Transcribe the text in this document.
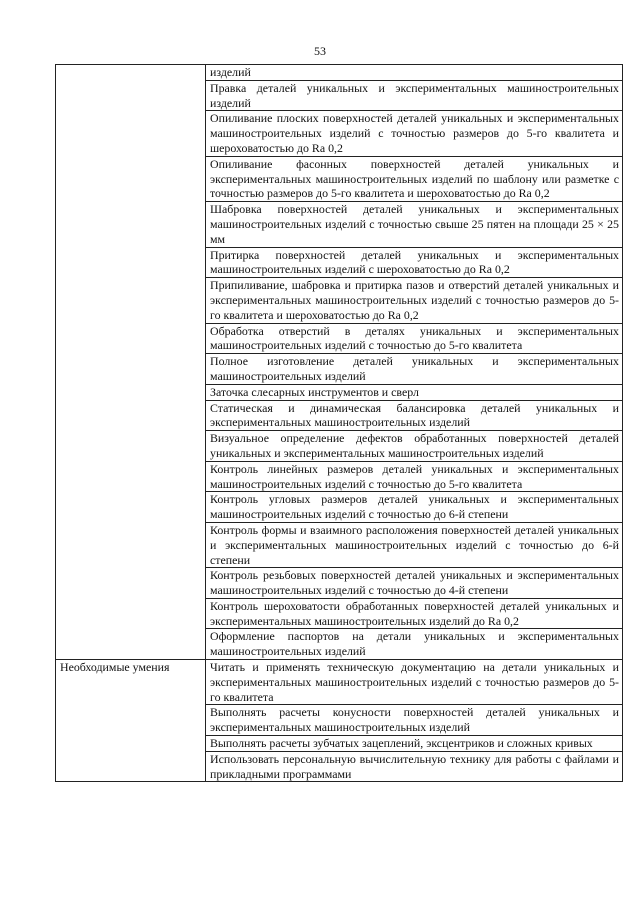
53
	изделий
	Правка деталей уникальных и экспериментальных машиностроительных изделий
	Опиливание плоских поверхностей деталей уникальных и экспериментальных машиностроительных изделий с точностью размеров до 5-го квалитета и шероховатостью до Ra 0,2
	Опиливание фасонных поверхностей деталей уникальных и экспериментальных машиностроительных изделий по шаблону или разметке с точностью размеров до 5-го квалитета и шероховатостью до Ra 0,2
	Шабровка поверхностей деталей уникальных и экспериментальных машиностроительных изделий с точностью свыше 25 пятен на площади 25 × 25 мм
	Притирка поверхностей деталей уникальных и экспериментальных машиностроительных изделий с шероховатостью до Ra 0,2
	Припиливание, шабровка и притирка пазов и отверстий деталей уникальных и экспериментальных машиностроительных изделий с точностью размеров до 5-го квалитета и шероховатостью до Ra 0,2
	Обработка отверстий в деталях уникальных и экспериментальных машиностроительных изделий с точностью до 5-го квалитета
	Полное изготовление деталей уникальных и экспериментальных машиностроительных изделий
	Заточка слесарных инструментов и сверл
	Статическая и динамическая балансировка деталей уникальных и экспериментальных машиностроительных изделий
	Визуальное определение дефектов обработанных поверхностей деталей уникальных и экспериментальных машиностроительных изделий
	Контроль линейных размеров деталей уникальных и экспериментальных машиностроительных изделий с точностью до 5-го квалитета
	Контроль угловых размеров деталей уникальных и экспериментальных машиностроительных изделий с точностью до 6-й степени
	Контроль формы и взаимного расположения поверхностей деталей уникальных и экспериментальных машиностроительных изделий с точностью до 6-й степени
	Контроль резьбовых поверхностей деталей уникальных и экспериментальных машиностроительных изделий с точностью до 4-й степени
	Контроль шероховатости обработанных поверхностей деталей уникальных и экспериментальных машиностроительных изделий до Ra 0,2
	Оформление паспортов на детали уникальных и экспериментальных машиностроительных изделий
Необходимые умения	Читать и применять техническую документацию на детали уникальных и экспериментальных машиностроительных изделий с точностью размеров до 5-го квалитета
	Выполнять расчеты конусности поверхностей деталей уникальных и экспериментальных машиностроительных изделий
	Выполнять расчеты зубчатых зацеплений, эксцентриков и сложных кривых
	Использовать персональную вычислительную технику для работы с файлами и прикладными программами
